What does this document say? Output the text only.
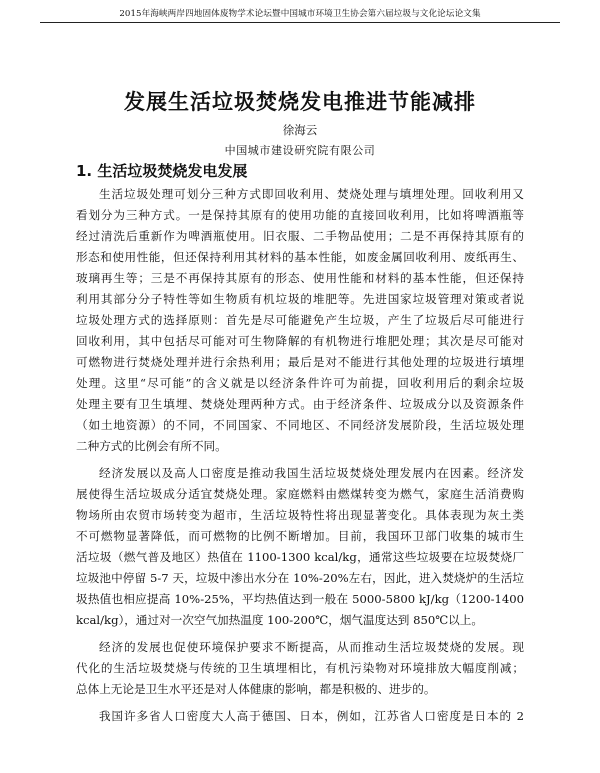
2015年海峡两岸四地固体废物学术论坛暨中国城市环境卫生协会第六届垃圾与文化论坛论文集
发展生活垃圾焚烧发电推进节能减排
徐海云
中国城市建设研究院有限公司
1. 生活垃圾焚烧发电发展
生活垃圾处理可划分三种方式即回收利用、焚烧处理与填埋处理。回收利用又
看划分为三种方式。一是保持其原有的使用功能的直接回收利用，比如将啤酒瓶等
经过清洗后重新作为啤酒瓶使用。旧衣服、二手物品使用；二是不再保持其原有的
形态和使用性能，但还保持利用其材料的基本性能，如废金属回收利用、废纸再生、
玻璃再生等；三是不再保持其原有的形态、使用性能和材料的基本性能，但还保持
利用其部分分子特性等如生物质有机垃圾的堆肥等。先进国家垃圾管理对策或者说
垃圾处理方式的选择原则：首先是尽可能避免产生垃圾，产生了垃圾后尽可能进行
回收利用，其中包括尽可能对可生物降解的有机物进行堆肥处理；其次是尽可能对
可燃物进行焚烧处理并进行余热利用；最后是对不能进行其他处理的垃圾进行填埋
处理。这里“尽可能”的含义就是以经济条件许可为前提，回收利用后的剩余垃圾
处理主要有卫生填埋、焚烧处理两种方式。由于经济条件、垃圾成分以及资源条件
（如土地资源）的不同，不同国家、不同地区、不同经济发展阶段，生活垃圾处理
二种方式的比例会有所不同。
经济发展以及高人口密度是推动我国生活垃圾焚烧处理发展内在因素。经济发
展使得生活垃圾成分适宜焚烧处理。家庭燃料由燃煤转变为燃气，家庭生活消费购
物场所由农贸市场转变为超市，生活垃圾特性将出现显著变化。具体表现为灰土类
不可燃物显著降低，而可燃物的比例不断增加。目前，我国环卫部门收集的城市生
活垃圾（燃气普及地区）热值在 1100-1300 kcal/kg，通常这些垃圾要在垃圾焚烧厂
垃圾池中停留 5-7 天，垃圾中渗出水分在 10%-20%左右，因此，进入焚烧炉的生活垃
圾热值也相应提高 10%-25%，平均热值达到一般在 5000-5800 kJ/kg（1200-1400
kcal/kg），通过对一次空气加热温度 100-200℃，烟气温度达到 850℃以上。
经济的发展也促使环境保护要求不断提高，从而推动生活垃圾焚烧的发展。现
代化的生活垃圾焚烧与传统的卫生填埋相比，有机污染物对环境排放大幅度削减；
总体上无论是卫生水平还是对人体健康的影响，都是积极的、进步的。
我国许多省人口密度大人高于德国、日本，例如，江苏省人口密度是日本的 2
